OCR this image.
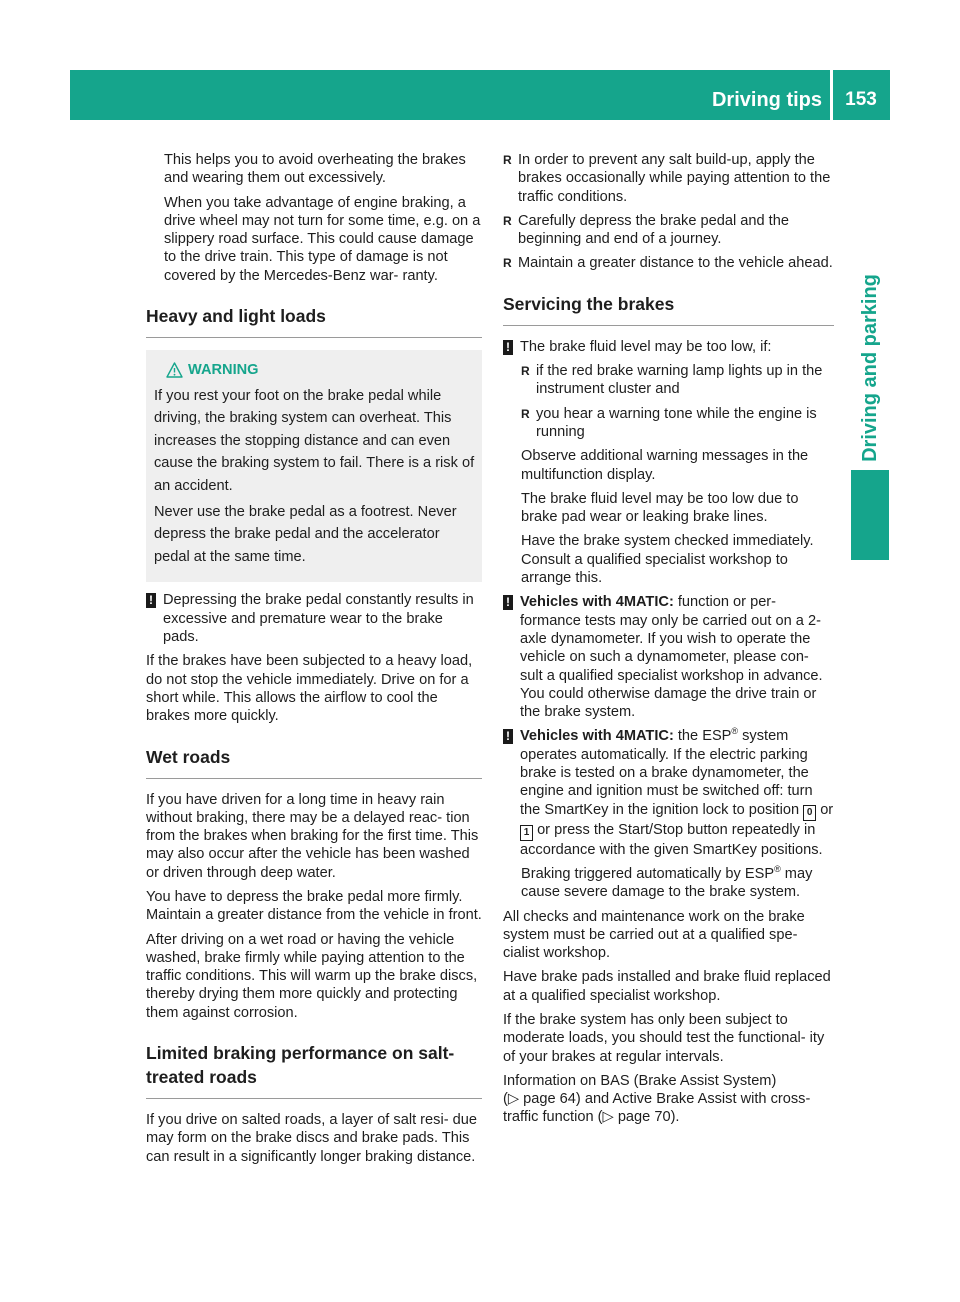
Driving tips	153
Driving and parking

This helps you to avoid overheating the brakes and wearing them out excessively.

When you take advantage of engine braking, a drive wheel may not turn for some time, e.g. on a slippery road surface. This could cause damage to the drive train. This type of damage is not covered by the Mercedes-Benz war- ranty.

Heavy and light loads

WARNING

If you rest your foot on the brake pedal while driving, the braking system can overheat. This increases the stopping distance and can even cause the braking system to fail. There is a risk of an accident.

Never use the brake pedal as a footrest. Never depress the brake pedal and the accelerator pedal at the same time.

! Depressing the brake pedal constantly results in excessive and premature wear to the brake pads.

If the brakes have been subjected to a heavy load, do not stop the vehicle immediately. Drive on for a short while. This allows the airflow to cool the brakes more quickly.

Wet roads

If you have driven for a long time in heavy rain without braking, there may be a delayed reac- tion from the brakes when braking for the first time. This may also occur after the vehicle has been washed or driven through deep water.

You have to depress the brake pedal more firmly. Maintain a greater distance from the vehicle in front.

After driving on a wet road or having the vehicle washed, brake firmly while paying attention to the traffic conditions. This will warm up the brake discs, thereby drying them more quickly and protecting them against corrosion.

Limited braking performance on salt- treated roads

If you drive on salted roads, a layer of salt resi- due may form on the brake discs and brake pads. This can result in a significantly longer braking distance.

R In order to prevent any salt build-up, apply the brakes occasionally while paying attention to the traffic conditions.
R Carefully depress the brake pedal and the beginning and end of a journey.
R Maintain a greater distance to the vehicle ahead.
Servicing the brakes
! The brake fluid level may be too low, if:
R if the red brake warning lamp lights up in the instrument cluster and
R you hear a warning tone while the engine is running

Observe additional warning messages in the multifunction display.

The brake fluid level may be too low due to brake pad wear or leaking brake lines.

Have the brake system checked immediately. Consult a qualified specialist workshop to arrange this.

! Vehicles with 4MATIC: function or per- formance tests may only be carried out on a 2- axle dynamometer. If you wish to operate the vehicle on such a dynamometer, please con- sult a qualified specialist workshop in advance. You could otherwise damage the drive train or the brake system.
! Vehicles with 4MATIC: the ESP® system operates automatically. If the electric parking brake is tested on a brake dynamometer, the engine and ignition must be switched off: turn the SmartKey in the ignition lock to position 0 or 1 or press the Start/Stop button repeatedly in accordance with the given SmartKey positions.

Braking triggered automatically by ESP® may cause severe damage to the brake system.

All checks and maintenance work on the brake system must be carried out at a qualified spe- cialist workshop.

Have brake pads installed and brake fluid replaced at a qualified specialist workshop.

If the brake system has only been subject to moderate loads, you should test the functional- ity of your brakes at regular intervals.

Information on BAS (Brake Assist System)
(▷ page 64) and Active Brake Assist with cross- traffic function (▷ page 70).
